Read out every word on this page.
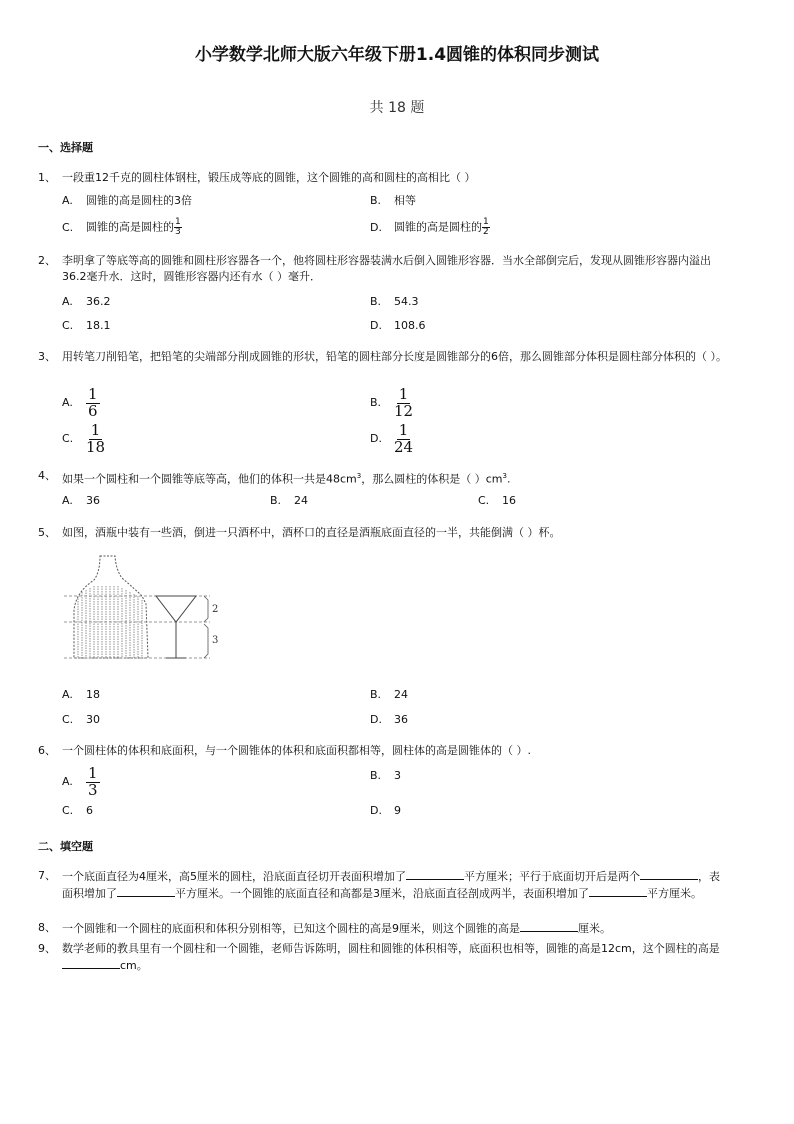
小学数学北师大版六年级下册1.4圆锥的体积同步测试
共 18 题
一、选择题
1、 一段重12千克的圆柱体钢柱，锻压成等底的圆锥，这个圆锥的高和圆柱的高相比（ ）
A. 圆锥的高是圆柱的3倍	B. 相等
C. 圆锥的高是圆柱的 $\frac{1}{3}$	D. 圆锥的高是圆柱的 $\frac{1}{2}$
2、 李明拿了等底等高的圆锥和圆柱形容器各一个，他将圆柱形容器装满水后倒入圆锥形容器．当水全部倒完后，发现从圆锥形容器内溢出36.2毫升水．这时，圆锥形容器内还有水（ ）毫升．
A. 36.2	B. 54.3
C. 18.1	D. 108.6
3、 用转笔刀削铅笔，把铅笔的尖端部分削成圆锥的形状，铅笔的圆柱部分长度是圆锥部分的6倍，那么圆锥部分体积是圆柱部分体积的（ ）。
A. $\frac{1}{6}$	B. $\frac{1}{12}$
C. $\frac{1}{18}$	D. $\frac{1}{24}$
4、 如果一个圆柱和一个圆锥等底等高，他们的体积一共是$48cm^3$，那么圆柱的体积是（ ）$cm^3$.
A. 36	B. 24	C. 16
5、 如图，酒瓶中装有一些酒，倒进一只酒杯中，酒杯口的直径是酒瓶底面直径的一半，共能倒满（ ）杯。
2
3
A. 18	B. 24
C. 30	D. 36
6、 一个圆柱体的体积和底面积，与一个圆锥体的体积和底面积都相等，圆柱体的高是圆锥体的（ ）.
A. $\frac{1}{3}$	B. 3
C. 6	D. 9
二、填空题
7、 一个底面直径为4厘米，高5厘米的圆柱，沿底面直径切开表面积增加了	平方厘米；平行于底面切开后是两个	，表面积增加了	平方厘米。一个圆锥的底面直径和高都是3厘米，沿底面直径剖成两半，表面积增加了	平方厘米。
8、 一个圆锥和一个圆柱的底面积和体积分别相等，已知这个圆柱的高是9厘米，则这个圆锥的高是	厘米。
9、 数学老师的教具里有一个圆柱和一个圆锥，老师告诉陈明，圆柱和圆锥的体积相等，底面积也相等，圆锥的高是12cm，这个圆柱的高是cm。
